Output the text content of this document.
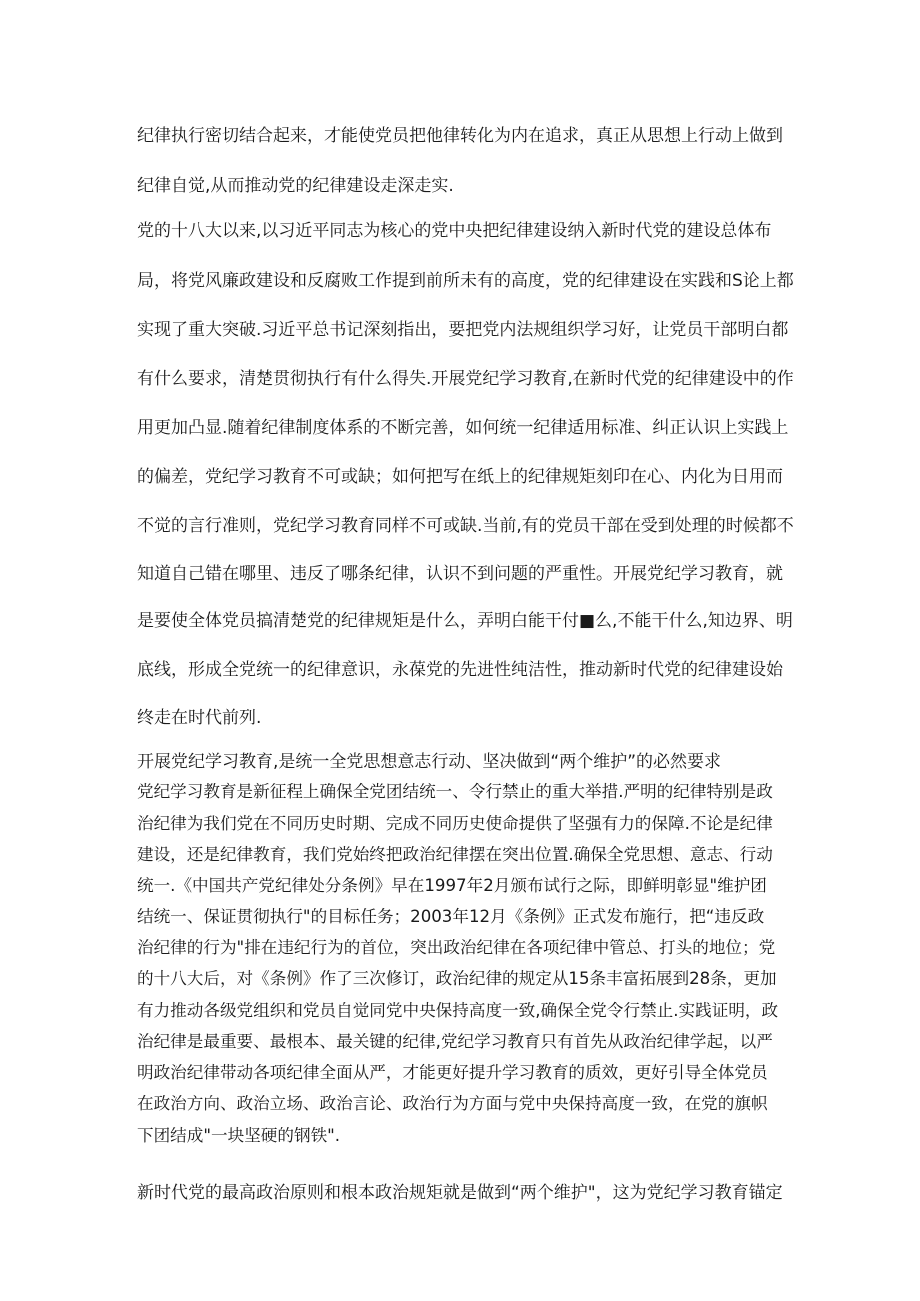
纪律执行密切结合起来，才能使党员把他律转化为内在追求，真正从思想上行动上做到
纪律自觉,从而推动党的纪律建设走深走实.
党的十八大以来,以习近平同志为核心的党中央把纪律建设纳入新时代党的建设总体布
局，将党风廉政建设和反腐败工作提到前所未有的高度，党的纪律建设在实践和S论上都
实现了重大突破.习近平总书记深刻指出，要把党内法规组织学习好，让党员干部明白都
有什么要求，清楚贯彻执行有什么得失.开展党纪学习教育,在新时代党的纪律建设中的作
用更加凸显.随着纪律制度体系的不断完善，如何统一纪律适用标准、纠正认识上实践上
的偏差，党纪学习教育不可或缺；如何把写在纸上的纪律规矩刻印在心、内化为日用而
不觉的言行准则，党纪学习教育同样不可或缺.当前,有的党员干部在受到处理的时候都不
知道自己错在哪里、违反了哪条纪律，认识不到问题的严重性。开展党纪学习教育，就
是要使全体党员搞清楚党的纪律规矩是什么，弄明白能干付■么,不能干什么,知边界、明
底线，形成全党统一的纪律意识，永葆党的先进性纯洁性，推动新时代党的纪律建设始
终走在时代前列.
开展党纪学习教育,是统一全党思想意志行动、坚决做到“两个维护”的必然要求
党纪学习教育是新征程上确保全党团结统一、令行禁止的重大举措.严明的纪律特别是政
治纪律为我们党在不同历史时期、完成不同历史使命提供了坚强有力的保障.不论是纪律
建设，还是纪律教育，我们党始终把政治纪律摆在突出位置.确保全党思想、意志、行动
统一.《中国共产党纪律处分条例》早在1997年2月颁布试行之际，即鲜明彰显"维护团
结统一、保证贯彻执行"的目标任务；2003年12月《条例》正式发布施行，把“违反政
治纪律的行为"排在违纪行为的首位，突出政治纪律在各项纪律中管总、打头的地位；党
的十八大后，对《条例》作了三次修订，政治纪律的规定从15条丰富拓展到28条，更加
有力推动各级党组织和党员自觉同党中央保持高度一致,确保全党令行禁止.实践证明，政
治纪律是最重要、最根本、最关键的纪律,党纪学习教育只有首先从政治纪律学起，以严
明政治纪律带动各项纪律全面从严，才能更好提升学习教育的质效，更好引导全体党员
在政治方向、政治立场、政治言论、政治行为方面与党中央保持高度一致，在党的旗帜
下团结成"一块坚硬的钢铁".
新时代党的最高政治原则和根本政治规矩就是做到“两个维护"，这为党纪学习教育锚定
